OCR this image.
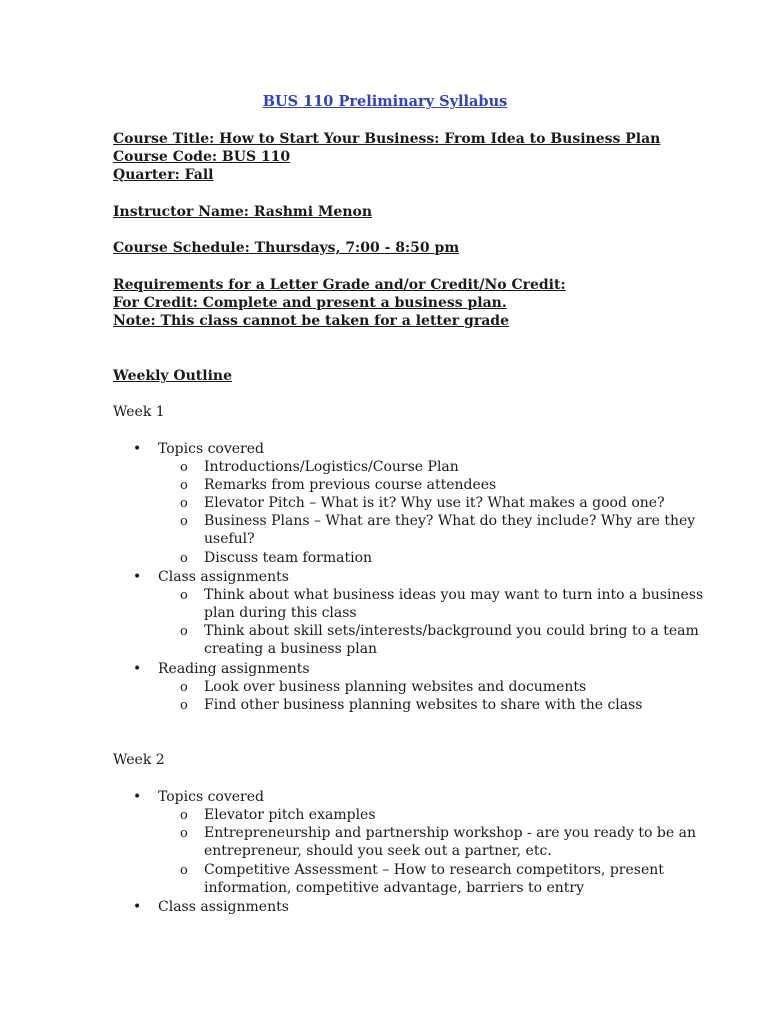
BUS 110 Preliminary Syllabus
Course Title: How to Start Your Business: From Idea to Business Plan
Course Code: BUS 110
Quarter: Fall
Instructor Name: Rashmi Menon
Course Schedule: Thursdays, 7:00 - 8:50 pm
Requirements for a Letter Grade and/or Credit/No Credit:
For Credit: Complete and present a business plan.
Note: This class cannot be taken for a letter grade
Weekly Outline
Week 1
• Topics covered
o Introductions/Logistics/Course Plan
o Remarks from previous course attendees
o Elevator Pitch – What is it? Why use it? What makes a good one?
o Business Plans – What are they? What do they include? Why are they
useful?
o Discuss team formation
• Class assignments
o Think about what business ideas you may want to turn into a business
plan during this class
o Think about skill sets/interests/background you could bring to a team
creating a business plan
• Reading assignments
o Look over business planning websites and documents
o Find other business planning websites to share with the class
Week 2
• Topics covered
o Elevator pitch examples
o Entrepreneurship and partnership workshop - are you ready to be an
entrepreneur, should you seek out a partner, etc.
o Competitive Assessment – How to research competitors, present
information, competitive advantage, barriers to entry
• Class assignments
